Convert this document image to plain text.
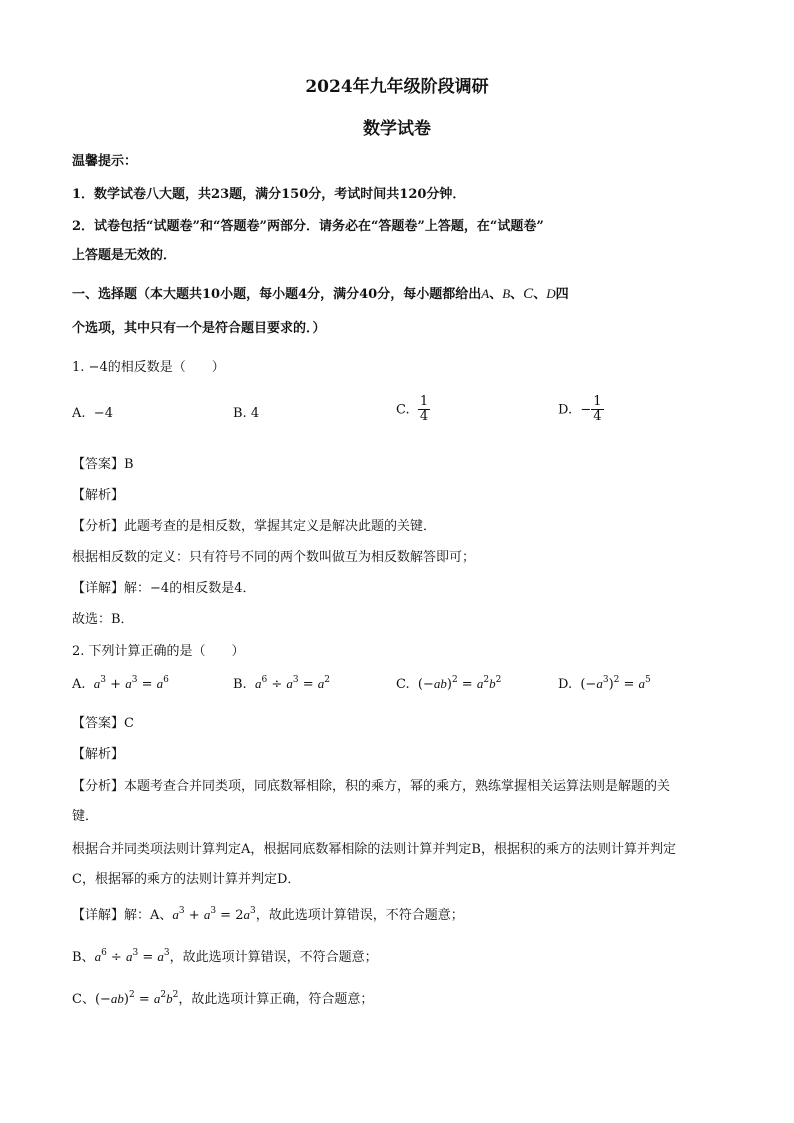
2024年九年级阶段调研
数学试卷
温馨提示：
1．数学试卷八大题，共23题，满分150分，考试时间共120分钟．
2．试卷包括“试题卷”和“答题卷”两部分．请务必在“答题卷”上答题，在“试题卷”
上答题是无效的．
一、选择题（本大题共10小题，每小题4分，满分40分，每小题都给出A、B、C、D四
个选项，其中只有一个是符合题目要求的．）
1. −4的相反数是（　　）
A. −4	B. 4	C. $\frac{1}{4}$	D. − $\frac{1}{4}$
【答案】B
【解析】
【分析】此题考查的是相反数，掌握其定义是解决此题的关键．
根据相反数的定义：只有符号不同的两个数叫做互为相反数解答即可；
【详解】解：−4的相反数是4．
故选：B．
2. 下列计算正确的是（　　）
A. $a^3 + a^3 = a^6$	B. $a^6 \div a^3 = a^2$	C. $(-ab)^2 = a^2b^2$	D. $(-a^3)^2 = a^5$
【答案】C
【解析】
【分析】本题考查合并同类项，同底数幂相除，积的乘方，幂的乘方，熟练掌握相关运算法则是解题的关
键．
根据合并同类项法则计算判定A，根据同底数幂相除的法则计算并判定B，根据积的乘方的法则计算并判定
C，根据幂的乘方的法则计算并判定D．
【详解】解：A、$a^3 + a^3 = 2a^3$，故此选项计算错误，不符合题意；
B、$a^6 \div a^3 = a^3$，故此选项计算错误，不符合题意；
C、$(-ab)^2 = a^2b^2$，故此选项计算正确，符合题意；
